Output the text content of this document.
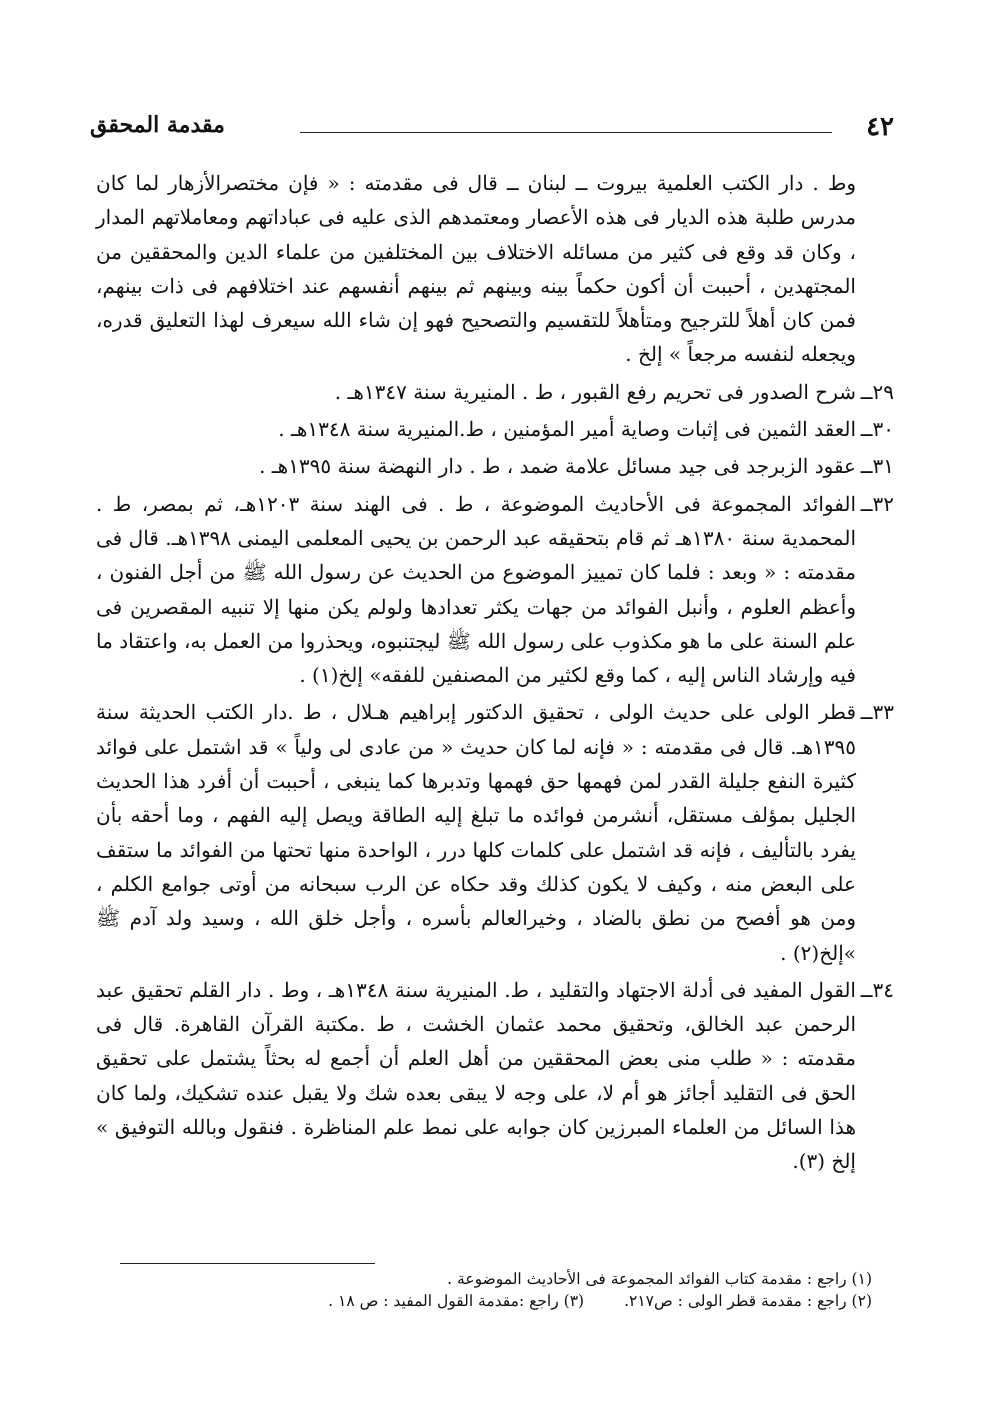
٤٢
مقدمة المحقق

وط . دار الكتب العلمية بيروت ــ لبنان ــ قال فى مقدمته : « فإن مختصرالأزهار لما كان مدرس طلبة هذه الديار فى هذه الأعصار ومعتمدهم الذى عليه فى عباداتهم ومعاملاتهم المدار ، وكان قد وقع فى كثير من مسائله الاختلاف بين المختلفين من علماء الدين والمحققين من المجتهدين ، أحببت أن أكون حكماً بينه وبينهم ثم بينهم أنفسهم عند اختلافهم فى ذات بينهم، فمن كان أهلاً للترجيح ومتأهلاً للتقسيم والتصحيح فهو إن شاء الله سيعرف لهذا التعليق قدره، ويجعله لنفسه مرجعاً » إلخ .

٢٩ــ

شرح الصدور فى تحريم رفع القبور ، ط . المنيرية سنة ١٣٤٧هـ .

٣٠ــ

العقد الثمين فى إثبات وصاية أمير المؤمنين ، ط.المنيرية سنة ١٣٤٨هـ .

٣١ــ

عقود الزبرجد فى جيد مسائل علامة ضمد ، ط . دار النهضة سنة ١٣٩٥هـ .

٣٢ــ

الفوائد المجموعة فى الأحاديث الموضوعة ، ط . فى الهند سنة ١٢٠٣هـ، ثم بمصر، ط . المحمدية سنة ١٣٨٠هـ ثم قام بتحقيقه عبد الرحمن بن يحيى المعلمى اليمنى ١٣٩٨هـ. قال فى مقدمته : « وبعد : فلما كان تمييز الموضوع من الحديث عن رسول الله ﷺ من أجل الفنون ، وأعظم العلوم ، وأنبل الفوائد من جهات يكثر تعدادها ولولم يكن منها إلا تنبيه المقصرين فى علم السنة على ما هو مكذوب على رسول الله ﷺ ليجتنبوه، ويحذروا من العمل به، واعتقاد ما فيه وإرشاد الناس إليه ، كما وقع لكثير من المصنفين للفقه» إلخ(١) .

٣٣ــ

قطر الولى على حديث الولى ، تحقيق الدكتور إبراهيم هـلال ، ط .دار الكتب الحديثة سنة ١٣٩٥هـ. قال فى مقدمته : « فإنه لما كان حديث « من عادى لى ولياً » قد اشتمل على فوائد كثيرة النفع جليلة القدر لمن فهمها حق فهمها وتدبرها كما ينبغى ، أحببت أن أفرد هذا الحديث الجليل بمؤلف مستقل، أنشرمن فوائده ما تبلغ إليه الطاقة ويصل إليه الفهم ، وما أحقه بأن يفرد بالتأليف ، فإنه قد اشتمل على كلمات كلها درر ، الواحدة منها تحتها من الفوائد ما ستقف على البعض منه ، وكيف لا يكون كذلك وقد حكاه عن الرب سبحانه من أوتى جوامع الكلم ، ومن هو أفصح من نطق بالضاد ، وخيرالعالم بأسره ، وأجل خلق الله ، وسيد ولد آدم ﷺ »إلخ(٢) .

٣٤ــ

القول المفيد فى أدلة الاجتهاد والتقليد ، ط. المنيرية سنة ١٣٤٨هـ ، وط . دار القلم تحقيق عبد الرحمن عبد الخالق، وتحقيق محمد عثمان الخشت ، ط .مكتبة القرآن القاهرة. قال فى مقدمته : « طلب منى بعض المحققين من أهل العلم أن أجمع له بحثاً يشتمل على تحقيق الحق فى التقليد أجائز هو أم لا، على وجه لا يبقى بعده شك ولا يقبل عنده تشكيك، ولما كان هذا السائل من العلماء المبرزين كان جوابه على نمط علم المناظرة . فنقول وبالله التوفيق » إلخ (٣).

(١) راجع : مقدمة كتاب الفوائد المجموعة فى الأحاديث الموضوعة .
(٢) راجع : مقدمة قطر الولى : ص٢١٧.
(٣) راجع :مقدمة القول المفيد : ص ١٨ .
